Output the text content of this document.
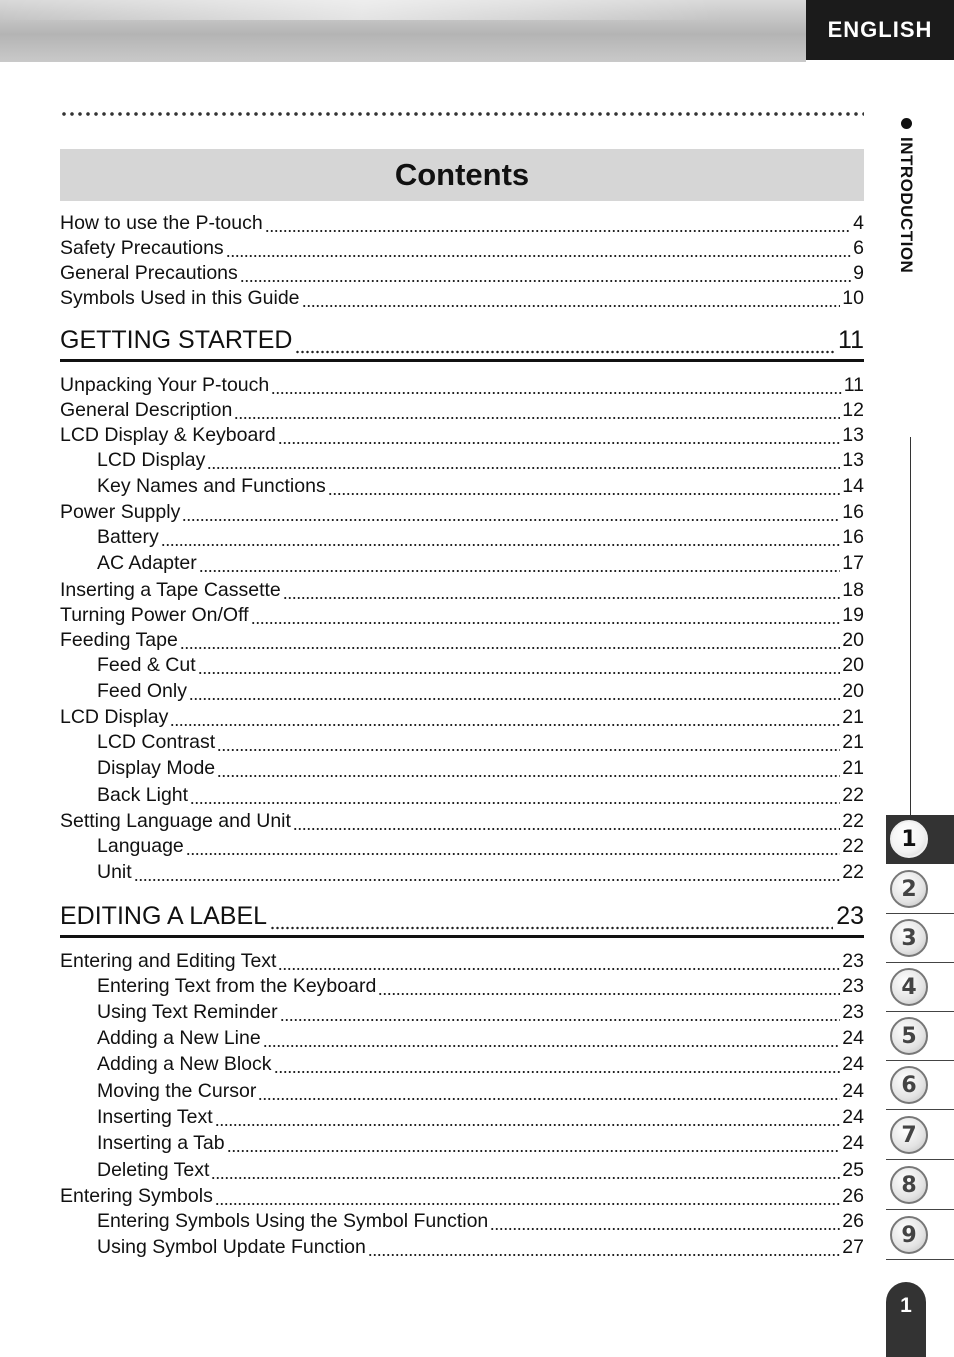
ENGLISH
Contents
How to use the P-touch	4
Safety Precautions	6
General Precautions	9
Symbols Used in this Guide	10
GETTING STARTED	11
Unpacking Your P-touch	11
General Description	12
LCD Display & Keyboard	13
LCD Display	13
Key Names and Functions	14
Power Supply	16
Battery	16
AC Adapter	17
Inserting a Tape Cassette	18
Turning Power On/Off	19
Feeding Tape	20
Feed & Cut	20
Feed Only	20
LCD Display	21
LCD Contrast	21
Display Mode	21
Back Light	22
Setting Language and Unit	22
Language	22
Unit	22
EDITING A LABEL	23
Entering and Editing Text	23
Entering Text from the Keyboard	23
Using Text Reminder	23
Adding a New Line	24
Adding a New Block	24
Moving the Cursor	24
Inserting Text	24
Inserting a Tab	24
Deleting Text	25
Entering Symbols	26
Entering Symbols Using the Symbol Function	26
Using Symbol Update Function	27
INTRODUCTION
1
2
3
4
5
6
7
8
9
1
